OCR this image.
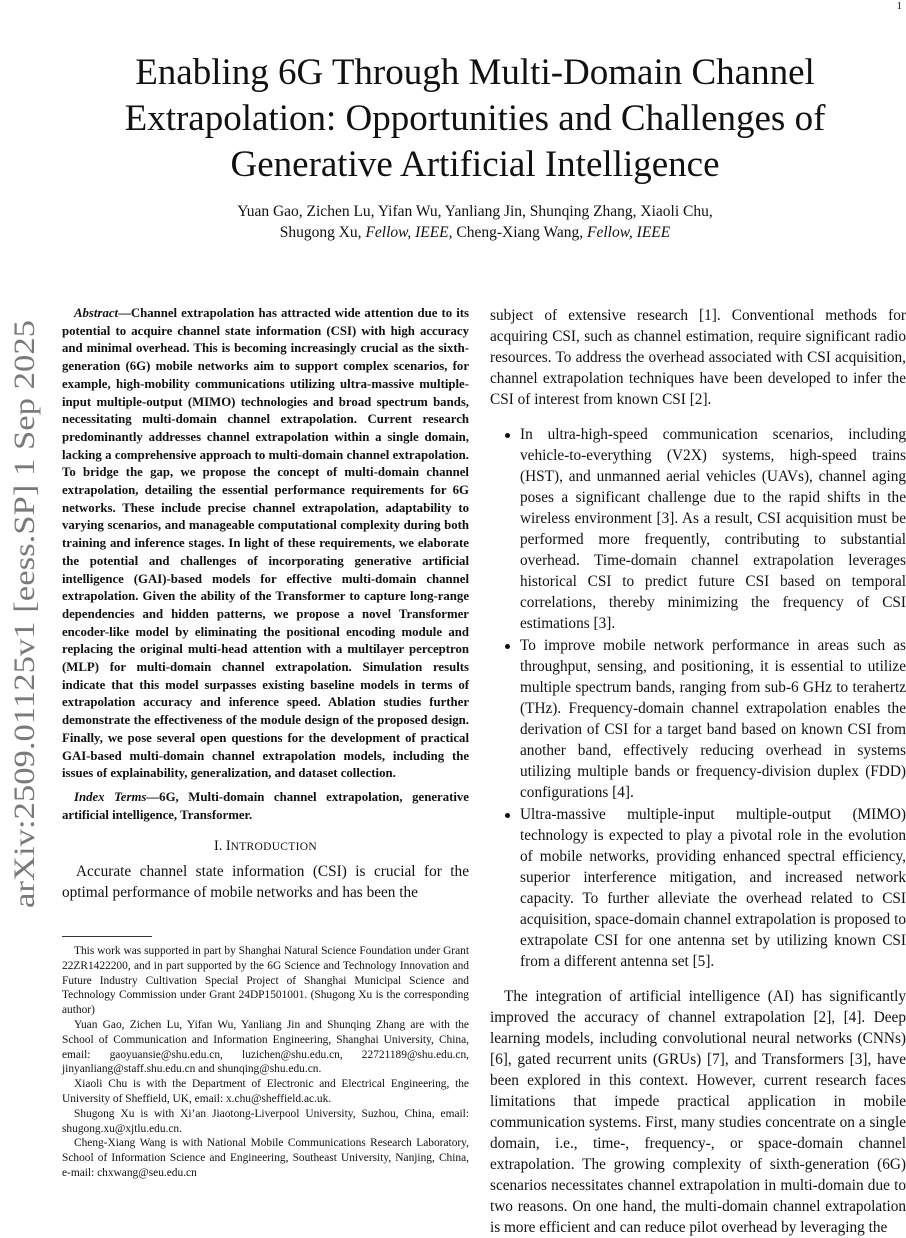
1
arXiv:2509.01125v1 [eess.SP] 1 Sep 2025
Enabling 6G Through Multi-Domain Channel
Extrapolation: Opportunities and Challenges of
Generative Artificial Intelligence
Yuan Gao, Zichen Lu, Yifan Wu, Yanliang Jin, Shunqing Zhang, Xiaoli Chu,
Shugong Xu, Fellow, IEEE, Cheng-Xiang Wang, Fellow, IEEE

Abstract—Channel extrapolation has attracted wide attention due to its potential to acquire channel state information (CSI) with high accuracy and minimal overhead. This is becoming increasingly crucial as the sixth-generation (6G) mobile networks aim to support complex scenarios, for example, high-mobility communications utilizing ultra-massive multiple-input multiple-output (MIMO) technologies and broad spectrum bands, necessitating multi-domain channel extrapolation. Current research predominantly addresses channel extrapolation within a single domain, lacking a comprehensive approach to multi-domain channel extrapolation. To bridge the gap, we propose the concept of multi-domain channel extrapolation, detailing the essential performance requirements for 6G networks. These include precise channel extrapolation, adaptability to varying scenarios, and manageable computational complexity during both training and inference stages. In light of these requirements, we elaborate the potential and challenges of incorporating generative artificial intelligence (GAI)-based models for effective multi-domain channel extrapolation. Given the ability of the Transformer to capture long-range dependencies and hidden patterns, we propose a novel Transformer encoder-like model by eliminating the positional encoding module and replacing the original multi-head attention with a multilayer perceptron (MLP) for multi-domain channel extrapolation. Simulation results indicate that this model surpasses existing baseline models in terms of extrapolation accuracy and inference speed. Ablation studies further demonstrate the effectiveness of the module design of the proposed design. Finally, we pose several open questions for the development of practical GAI-based multi-domain channel extrapolation models, including the issues of explainability, generalization, and dataset collection.

Index Terms—6G, Multi-domain channel extrapolation, generative artificial intelligence, Transformer.

I. INTRODUCTION

Accurate channel state information (CSI) is crucial for the optimal performance of mobile networks and has been the

This work was supported in part by Shanghai Natural Science Foundation under Grant 22ZR1422200, and in part supported by the 6G Science and Technology Innovation and Future Industry Cultivation Special Project of Shanghai Municipal Science and Technology Commission under Grant 24DP1501001. (Shugong Xu is the corresponding author)

Yuan Gao, Zichen Lu, Yifan Wu, Yanliang Jin and Shunqing Zhang are with the School of Communication and Information Engineering, Shanghai University, China, email: gaoyuansie@shu.edu.cn, luzichen@shu.edu.cn, 22721189@shu.edu.cn, jinyanliang@staff.shu.edu.cn and shunqing@shu.edu.cn.

Xiaoli Chu is with the Department of Electronic and Electrical Engineering, the University of Sheffield, UK, email: x.chu@sheffield.ac.uk.

Shugong Xu is with Xi’an Jiaotong-Liverpool University, Suzhou, China, email: shugong.xu@xjtlu.edu.cn.

Cheng-Xiang Wang is with National Mobile Communications Research Laboratory, School of Information Science and Engineering, Southeast University, Nanjing, China, e-mail: chxwang@seu.edu.cn

subject of extensive research [1]. Conventional methods for acquiring CSI, such as channel estimation, require significant radio resources. To address the overhead associated with CSI acquisition, channel extrapolation techniques have been developed to infer the CSI of interest from known CSI [2].

In ultra-high-speed communication scenarios, including vehicle-to-everything (V2X) systems, high-speed trains (HST), and unmanned aerial vehicles (UAVs), channel aging poses a significant challenge due to the rapid shifts in the wireless environment [3]. As a result, CSI acquisition must be performed more frequently, contributing to substantial overhead. Time-domain channel extrapolation leverages historical CSI to predict future CSI based on temporal correlations, thereby minimizing the frequency of CSI estimations [3].
To improve mobile network performance in areas such as throughput, sensing, and positioning, it is essential to utilize multiple spectrum bands, ranging from sub-6 GHz to terahertz (THz). Frequency-domain channel extrapolation enables the derivation of CSI for a target band based on known CSI from another band, effectively reducing overhead in systems utilizing multiple bands or frequency-division duplex (FDD) configurations [4].
Ultra-massive multiple-input multiple-output (MIMO) technology is expected to play a pivotal role in the evolution of mobile networks, providing enhanced spectral efficiency, superior interference mitigation, and increased network capacity. To further alleviate the overhead related to CSI acquisition, space-domain channel extrapolation is proposed to extrapolate CSI for one antenna set by utilizing known CSI from a different antenna set [5].

The integration of artificial intelligence (AI) has significantly improved the accuracy of channel extrapolation [2], [4]. Deep learning models, including convolutional neural networks (CNNs) [6], gated recurrent units (GRUs) [7], and Transformers [3], have been explored in this context. However, current research faces limitations that impede practical application in mobile communication systems. First, many studies concentrate on a single domain, i.e., time-, frequency-, or space-domain channel extrapolation. The growing complexity of sixth-generation (6G) scenarios necessitates channel extrapolation in multi-domain due to two reasons. On one hand, the multi-domain channel extrapolation is more efficient and can reduce pilot overhead by leveraging the
